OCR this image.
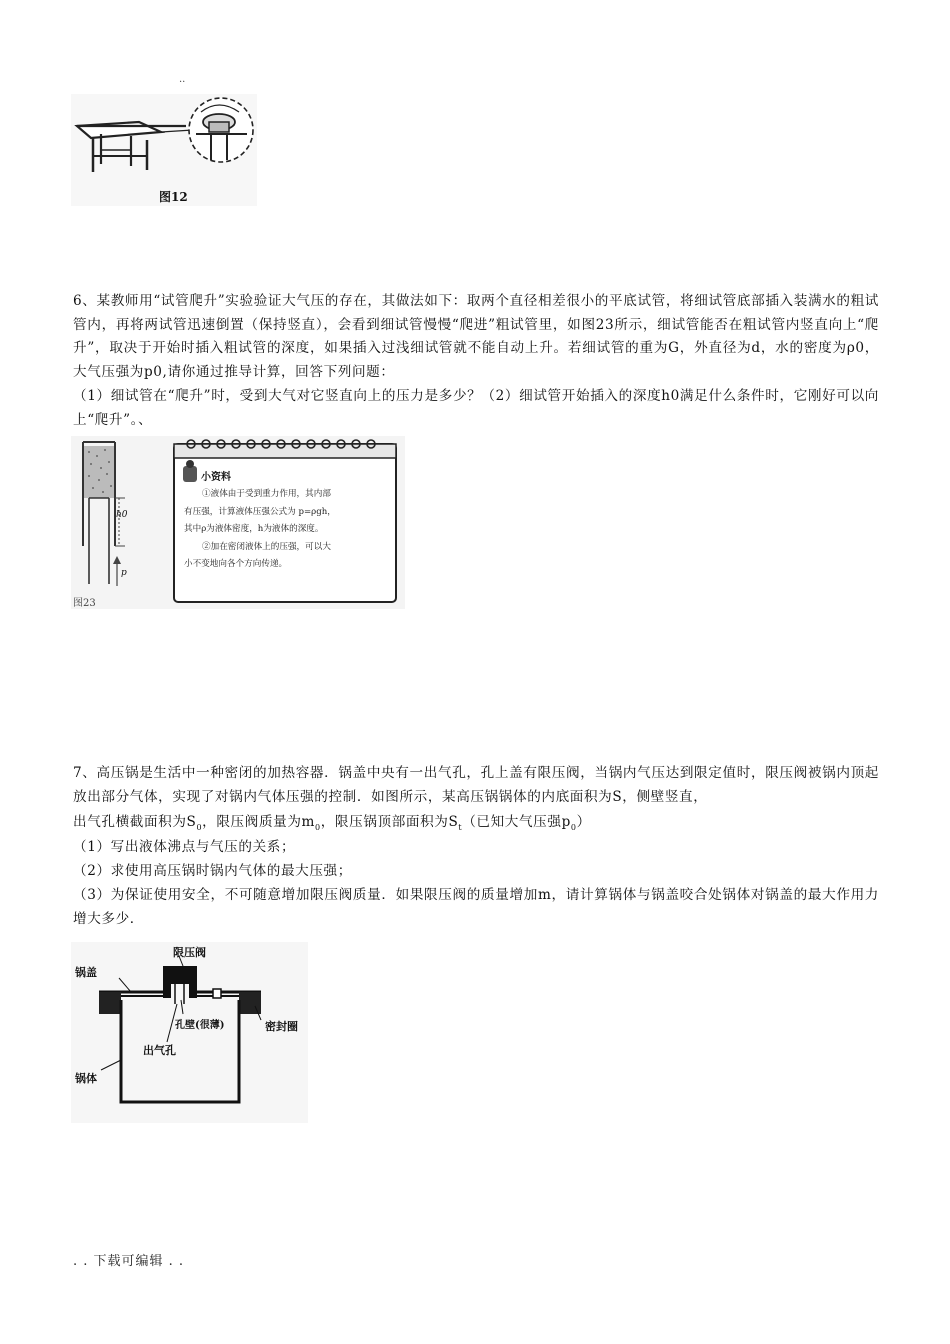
..
图12
6、某教师用“试管爬升”实验验证大气压的存在，其做法如下：取两个直径相差很小的平底试管，将细试管底部插入装满水的粗试管内，再将两试管迅速倒置（保持竖直），会看到细试管慢慢“爬进”粗试管里，如图23所示，细试管能否在粗试管内竖直向上“爬升”，取决于开始时插入粗试管的深度，如果插入过浅细试管就不能自动上升。若细试管的重为G，外直径为d，水的密度为ρ0，大气压强为p0,请你通过推导计算，回答下列问题：
（1）细试管在“爬升”时，受到大气对它竖直向上的压力是多少？（2）细试管开始插入的深度h0满足什么条件时，它刚好可以向上“爬升”。、
h0
p
图23
小资料
①液体由于受到重力作用，其内部
有压强，计算液体压强公式为 p=ρgh，
其中ρ为液体密度，h为液体的深度。
②加在密闭液体上的压强，可以大
小不变地向各个方向传递。
7、高压锅是生活中一种密闭的加热容器．锅盖中央有一出气孔，孔上盖有限压阀，当锅内气压达到限定值时，限压阀被锅内顶起放出部分气体，实现了对锅内气体压强的控制．如图所示，某高压锅锅体的内底面积为S，侧壁竖直，
出气孔横截面积为$S_0$，限压阀质量为$m_0$，限压锅顶部面积为$S_t$（已知大气压强$p_0$）
（1）写出液体沸点与气压的关系；
（2）求使用高压锅时锅内气体的最大压强；
（3）为保证使用安全，不可随意增加限压阀质量．如果限压阀的质量增加m，请计算锅体与锅盖咬合处锅体对锅盖的最大作用力增大多少．
限压阀
锅盖
孔壁(很薄)	密封圈
出气孔
锅体
. . 下载可编辑 . .
